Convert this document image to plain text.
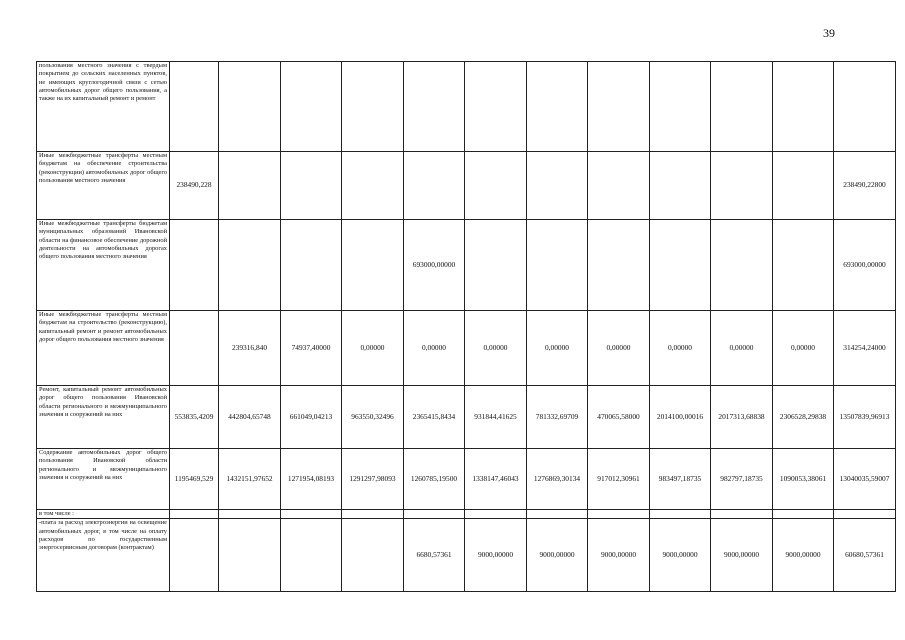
39
пользования местного значения с твердым покрытием до сельских населенных пунктов, не имеющих круглогодичной связи с сетью автомобильных дорог общего пользования, а также на их капитальный ремонт и ремонт												
Иные межбюджетные трансферты местным бюджетам на обеспечение строительства (реконструкции) автомобильных дорог общего пользования местного значения	238490,228											238490,22800
Иные межбюджетные трансферты бюджетам муниципальных образований Ивановской области на финансовое обеспечение дорожной деятельности на автомобильных дорогах общего пользования местного значения					693000,00000							693000,00000
Иные межбюджетные трансферты местным бюджетам на строительство (реконструкцию), капитальный ремонт и ремонт автомобильных дорог общего пользования местного значения		239316,840	74937,40000	0,00000	0,00000	0,00000	0,00000	0,00000	0,00000	0,00000	0,00000	314254,24000
Ремонт, капитальный ремонт автомобильных дорог общего пользования Ивановской области регионального и межмуниципального значения и сооружений на них	553835,4209	442804,65748	661049,04213	963550,32496	2365415,8434	931844,41625	781332,69709	470065,58000	2014100,00016	2017313,68838	2306528,29838	13507839,96913
Содержание автомобильных дорог общего пользования Ивановской области регионального и межмуниципального значения и сооружений на них	1195469,529	1432151,97652	1271954,08193	1291297,98093	1260785,19500	1338147,46043	1276869,30134	917012,30961	983497,18735	982797,18735	1090053,38061	13040035,59007
в том числе :												
-плата за расход электроэнергии на освещение автомобильных дорог, в том числе на оплату расходов по государственным энергосервисным договорам (контрактам)					6680,57361	9000,00000	9000,00000	9000,00000	9000,00000	9000,00000	9000,00000	60680,57361
